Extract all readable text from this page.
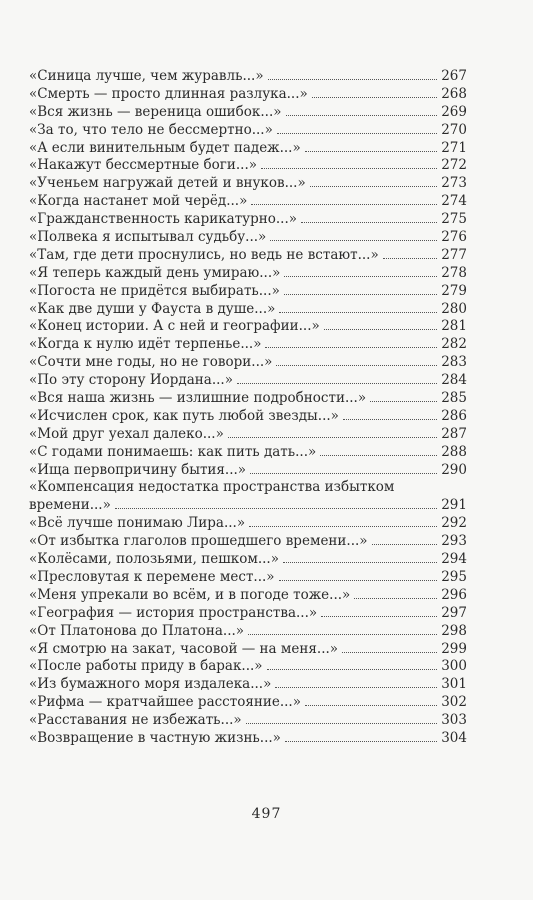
«Синица лучше, чем журавль...»	267
«Смерть — просто длинная разлука...»	268
«Вся жизнь — вереница ошибок...»	269
«За то, что тело не бессмертно...»	270
«А если винительным будет падеж...»	271
«Накажут бессмертные боги...»	272
«Ученьем нагружай детей и внуков...»	273
«Когда настанет мой черёд...»	274
«Гражданственность карикатурно...»	275
«Полвека я испытывал судьбу...»	276
«Там, где дети проснулись, но ведь не встают...»	277
«Я теперь каждый день умираю...»	278
«Погоста не придётся выбирать...»	279
«Как две души у Фауста в душе...»	280
«Конец истории. А с ней и географии...»	281
«Когда к нулю идёт терпенье...»	282
«Сочти мне годы, но не говори...»	283
«По эту сторону Иордана...»	284
«Вся наша жизнь — излишние подробности...»	285
«Исчислен срок, как путь любой звезды...»	286
«Мой друг уехал далеко...»	287
«С годами понимаешь: как пить дать...»	288
«Ища первопричину бытия...»	290
«Компенсация недостатка пространства избытком
времени...»	291
«Всё лучше понимаю Лира...»	292
«От избытка глаголов прошедшего времени...»	293
«Колёсами, полозьями, пешком...»	294
«Пресловутая к перемене мест...»	295
«Меня упрекали во всём, и в погоде тоже...»	296
«География — история пространства...»	297
«От Платонова до Платона...»	298
«Я смотрю на закат, часовой — на меня...»	299
«После работы приду в барак...»	300
«Из бумажного моря издалека...»	301
«Рифма — кратчайшее расстояние...»	302
«Расставания не избежать...»	303
«Возвращение в частную жизнь...»	304
497
